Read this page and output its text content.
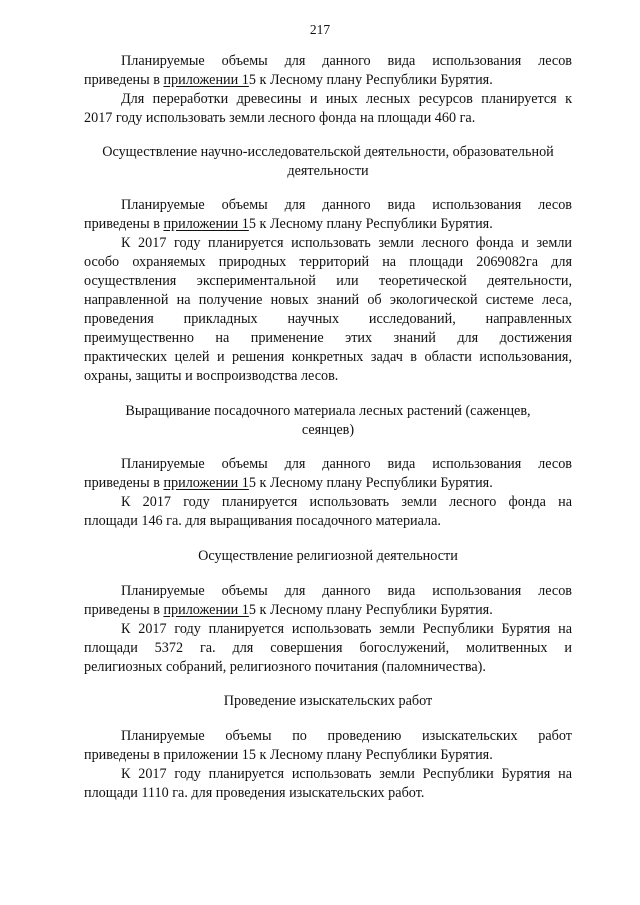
217
Планируемые объемы для данного вида использования лесов
приведены в приложении 15 к Лесному плану Республики Бурятия.
Для переработки древесины и иных лесных ресурсов планируется к
2017 году использовать земли лесного фонда на площади 460 га.
Осуществление научно-исследовательской деятельности, образовательной
деятельности
Планируемые объемы для данного вида использования лесов
приведены в приложении 15 к Лесному плану Республики Бурятия.
К 2017 году планируется использовать земли лесного фонда и земли
особо охраняемых природных территорий на площади 2069082га для
осуществления экспериментальной или теоретической деятельности,
направленной на получение новых знаний об экологической системе леса,
проведения прикладных научных исследований, направленных
преимущественно на применение этих знаний для достижения
практических целей и решения конкретных задач в области использования,
охраны, защиты и воспроизводства лесов.
Выращивание посадочного материала лесных растений (саженцев,
сеянцев)
Планируемые объемы для данного вида использования лесов
приведены в приложении 15 к Лесному плану Республики Бурятия.
К 2017 году планируется использовать земли лесного фонда на
площади 146 га. для выращивания посадочного материала.
Осуществление религиозной деятельности
Планируемые объемы для данного вида использования лесов
приведены в приложении 15 к Лесному плану Республики Бурятия.
К 2017 году планируется использовать земли Республики Бурятия на
площади 5372 га. для совершения богослужений, молитвенных и
религиозных собраний, религиозного почитания (паломничества).
Проведение изыскательских работ
Планируемые объемы по проведению изыскательских работ
приведены в приложении 15 к Лесному плану Республики Бурятия.
К 2017 году планируется использовать земли Республики Бурятия на
площади 1110 га. для проведения изыскательских работ.
